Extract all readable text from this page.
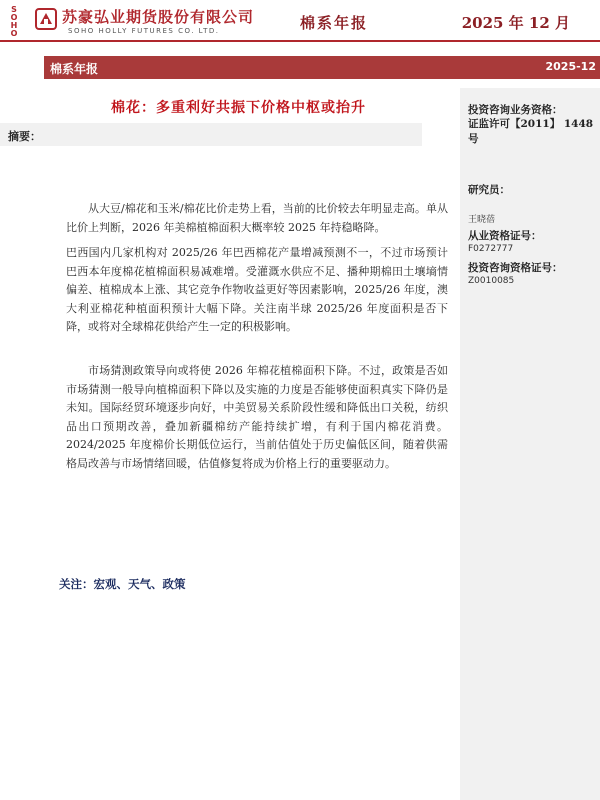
S
O
H
O
苏豪弘业期货股份有限公司
SOHO HOLLY FUTURES CO. LTD.	棉系年报	2025 年 12 月
棉系年报	2025-12
棉花：多重利好共振下价格中枢或抬升
摘要：

从大豆/棉花和玉米/棉花比价走势上看，当前的比价较去年明显走高。单从比价上判断，2026 年美棉植棉面积大概率较 2025 年持稳略降。

巴西国内几家机构对 2025/26 年巴西棉花产量增减预测不一，不过市场预计巴西本年度棉花植棉面积易减难增。受灌溉水供应不足、播种期棉田土壤墒情偏差、植棉成本上涨、其它竞争作物收益更好等因素影响，2025/26 年度，澳大利亚棉花种植面积预计大幅下降。关注南半球 2025/26 年度面积是否下降，或将对全球棉花供给产生一定的积极影响。

市场猜测政策导向或将使 2026 年棉花植棉面积下降。不过，政策是否如市场猜测一般导向植棉面积下降以及实施的力度是否能够使面积真实下降仍是未知。国际经贸环境逐步向好，中美贸易关系阶段性缓和降低出口关税，纺织品出口预期改善，叠加新疆棉纺产能持续扩增，有利于国内棉花消费。2024/2025 年度棉价长期低位运行，当前估值处于历史偏低区间，随着供需格局改善与市场情绪回暖，估值修复将成为价格上行的重要驱动力。

关注：宏观、天气、政策
投资咨询业务资格：
证监许可【2011】 1448 号
研究员：
王晓蓓
从业资格证号：
F0272777
投资咨询资格证号：
Z0010085
